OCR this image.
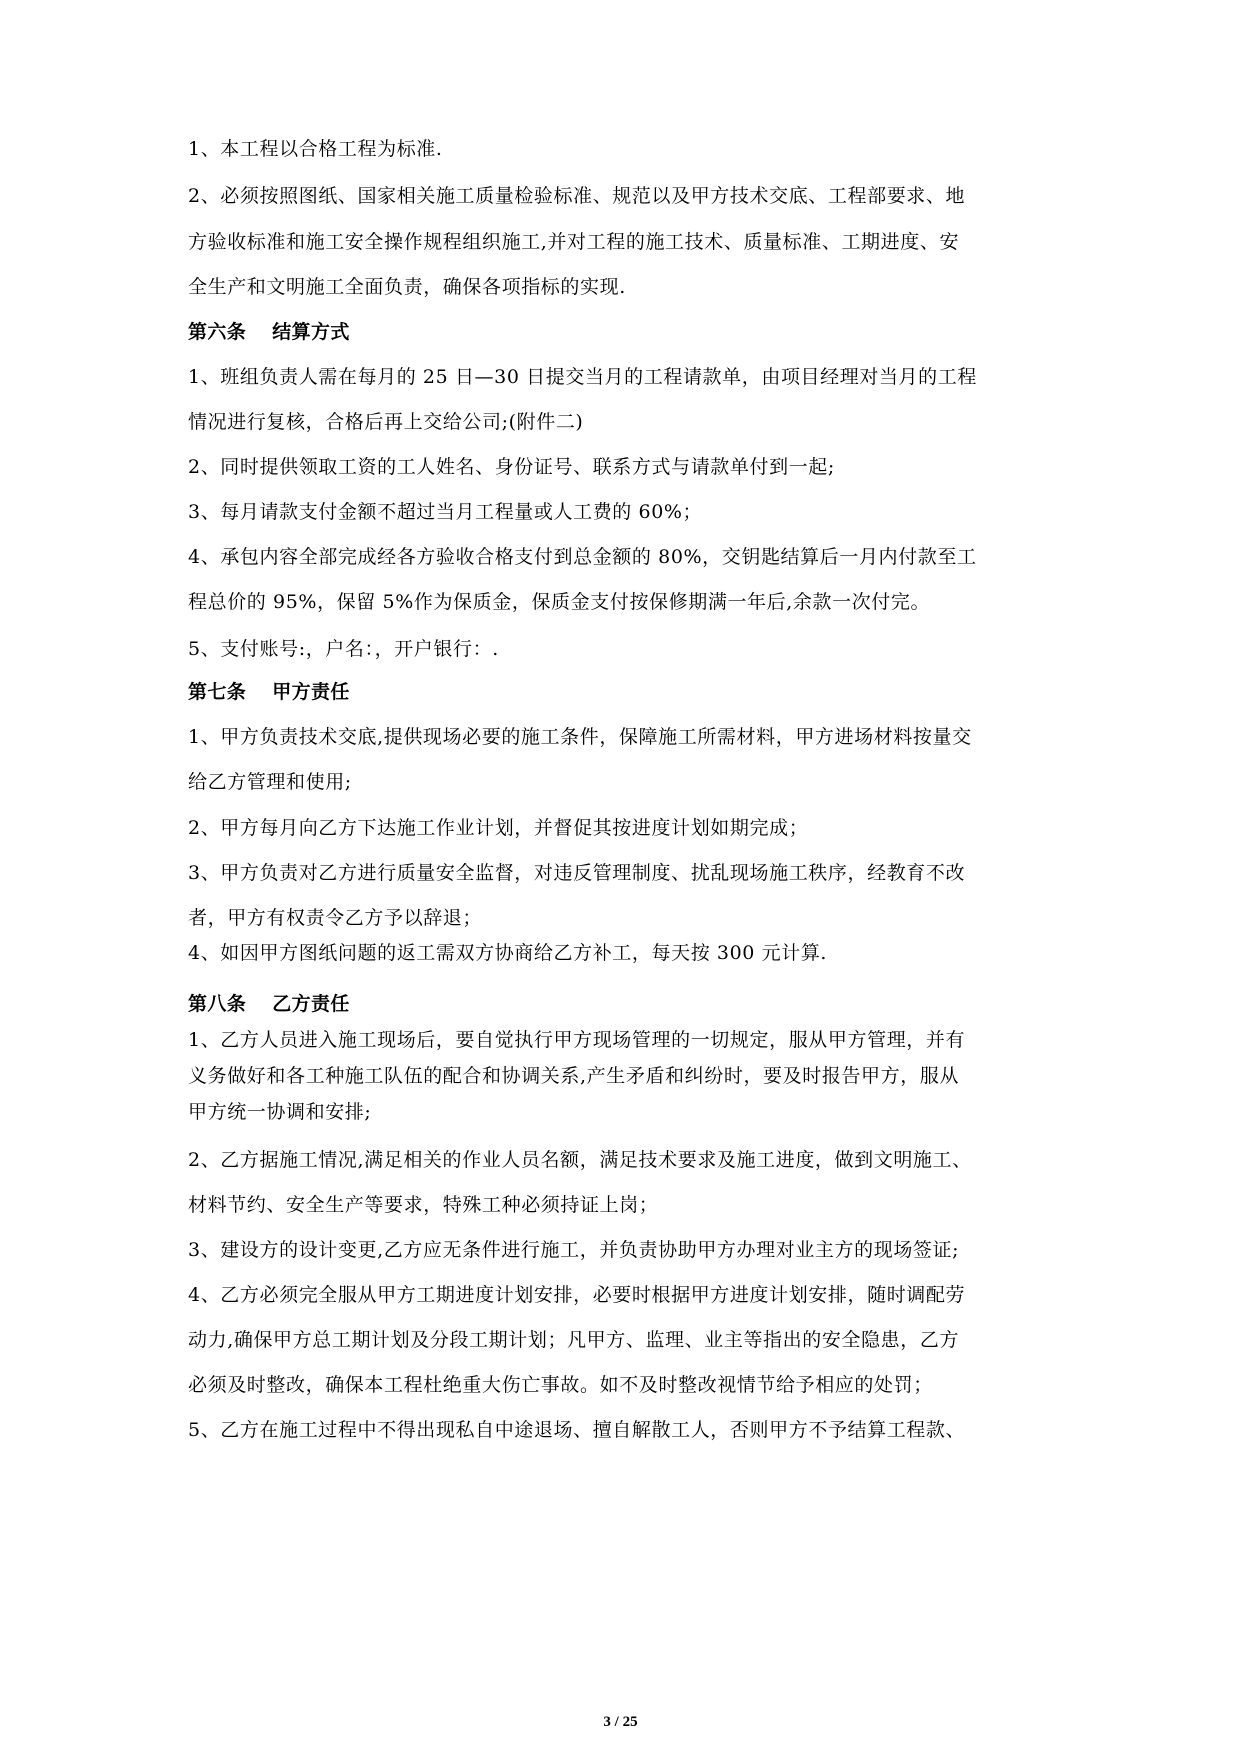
1、本工程以合格工程为标准.
2、必须按照图纸、国家相关施工质量检验标准、规范以及甲方技术交底、工程部要求、地
方验收标准和施工安全操作规程组织施工,并对工程的施工技术、质量标准、工期进度、安
全生产和文明施工全面负责，确保各项指标的实现.
第六条 结算方式
1、班组负责人需在每月的 25 日—30 日提交当月的工程请款单，由项目经理对当月的工程
情况进行复核，合格后再上交给公司;(附件二)
2、同时提供领取工资的工人姓名、身份证号、联系方式与请款单付到一起;
3、每月请款支付金额不超过当月工程量或人工费的 60%；
4、承包内容全部完成经各方验收合格支付到总金额的 80%，交钥匙结算后一月内付款至工
程总价的 95%，保留 5%作为保质金，保质金支付按保修期满一年后,余款一次付完。
5、支付账号:，户名：，开户银行：.
第七条 甲方责任
1、甲方负责技术交底,提供现场必要的施工条件，保障施工所需材料，甲方进场材料按量交
给乙方管理和使用;
2、甲方每月向乙方下达施工作业计划，并督促其按进度计划如期完成；
3、甲方负责对乙方进行质量安全监督，对违反管理制度、扰乱现场施工秩序，经教育不改
者，甲方有权责令乙方予以辞退；
4、如因甲方图纸问题的返工需双方协商给乙方补工，每天按 300 元计算.
第八条 乙方责任
1、乙方人员进入施工现场后，要自觉执行甲方现场管理的一切规定，服从甲方管理，并有
义务做好和各工种施工队伍的配合和协调关系,产生矛盾和纠纷时，要及时报告甲方，服从
甲方统一协调和安排;
2、乙方据施工情况,满足相关的作业人员名额，满足技术要求及施工进度，做到文明施工、
材料节约、安全生产等要求，特殊工种必须持证上岗；
3、建设方的设计变更,乙方应无条件进行施工，并负责协助甲方办理对业主方的现场签证;
4、乙方必须完全服从甲方工期进度计划安排，必要时根据甲方进度计划安排，随时调配劳
动力,确保甲方总工期计划及分段工期计划；凡甲方、监理、业主等指出的安全隐患，乙方
必须及时整改，确保本工程杜绝重大伤亡事故。如不及时整改视情节给予相应的处罚；
5、乙方在施工过程中不得出现私自中途退场、擅自解散工人，否则甲方不予结算工程款、
3 / 25
